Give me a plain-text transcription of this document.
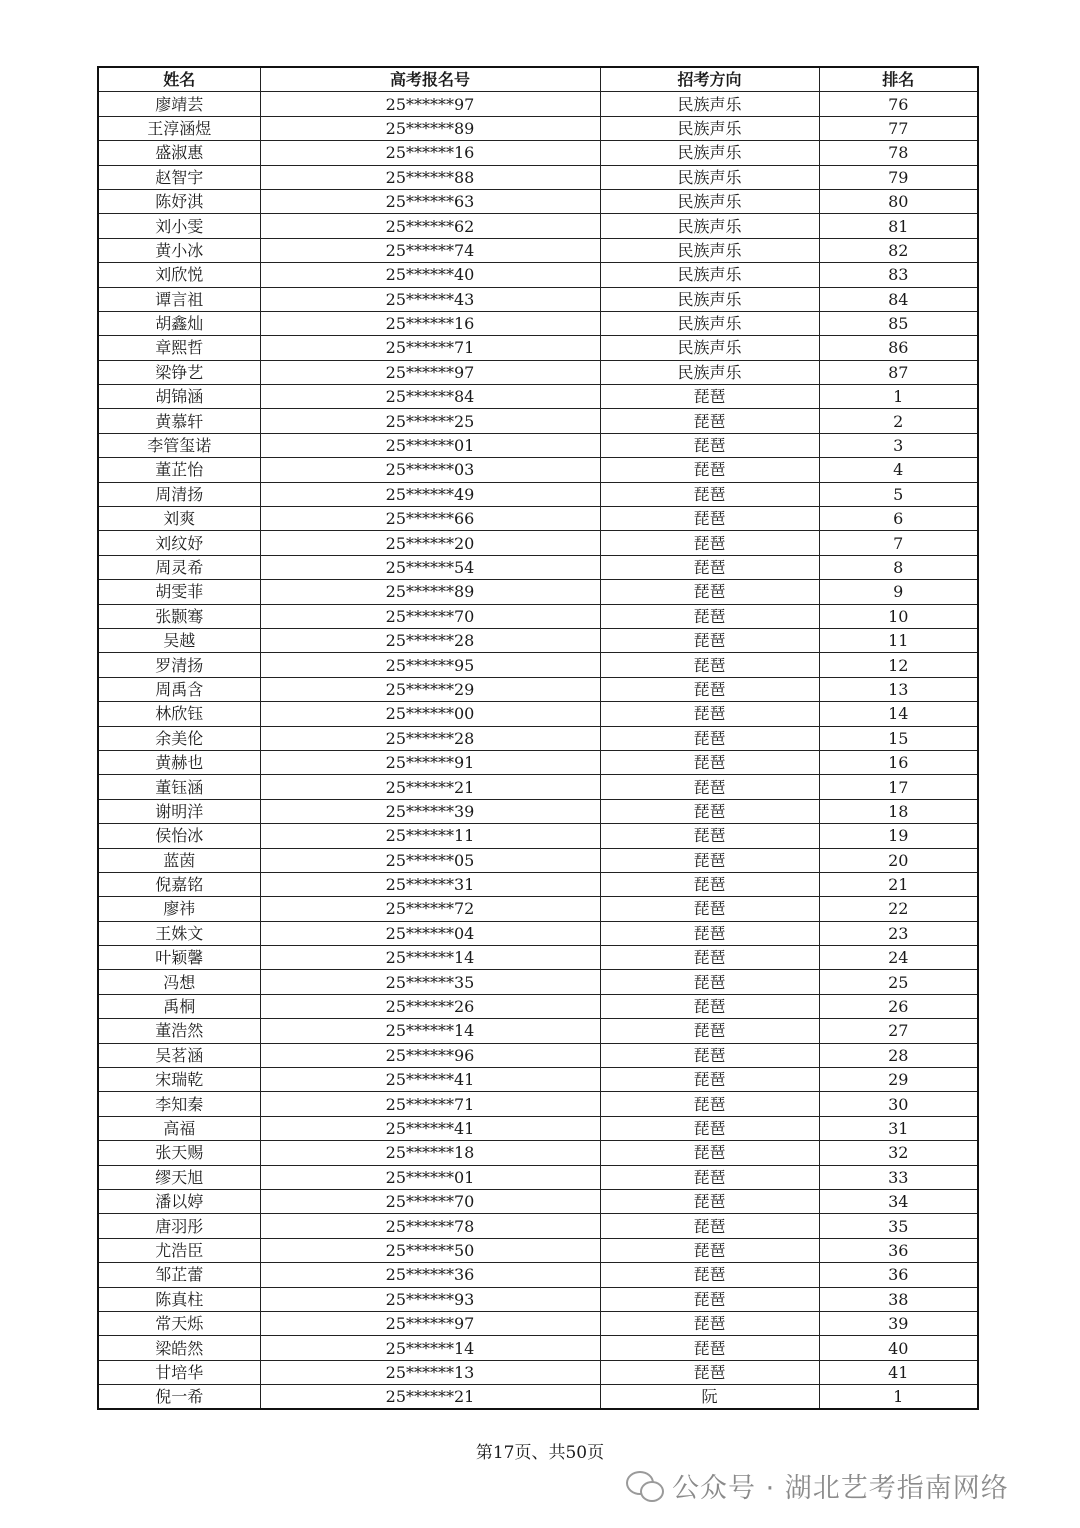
姓名	高考报名号	招考方向	排名
廖靖芸	25******97	民族声乐	76
王淳涵煜	25******89	民族声乐	77
盛淑惠	25******16	民族声乐	78
赵智宇	25******88	民族声乐	79
陈妤淇	25******63	民族声乐	80
刘小雯	25******62	民族声乐	81
黄小冰	25******74	民族声乐	82
刘欣悦	25******40	民族声乐	83
谭言祖	25******43	民族声乐	84
胡鑫灿	25******16	民族声乐	85
章熙哲	25******71	民族声乐	86
梁铮艺	25******97	民族声乐	87
胡锦涵	25******84	琵琶	1
黄慕轩	25******25	琵琶	2
李管玺诺	25******01	琵琶	3
董芷怡	25******03	琵琶	4
周清扬	25******49	琵琶	5
刘爽	25******66	琵琶	6
刘纹妤	25******20	琵琶	7
周灵希	25******54	琵琶	8
胡雯菲	25******89	琵琶	9
张颢骞	25******70	琵琶	10
吴越	25******28	琵琶	11
罗清扬	25******95	琵琶	12
周禹含	25******29	琵琶	13
林欣钰	25******00	琵琶	14
余美伦	25******28	琵琶	15
黄赫也	25******91	琵琶	16
董钰涵	25******21	琵琶	17
谢明洋	25******39	琵琶	18
侯怡冰	25******11	琵琶	19
蓝茵	25******05	琵琶	20
倪嘉铭	25******31	琵琶	21
廖祎	25******72	琵琶	22
王姝文	25******04	琵琶	23
叶颖馨	25******14	琵琶	24
冯想	25******35	琵琶	25
禹桐	25******26	琵琶	26
董浩然	25******14	琵琶	27
吴茗涵	25******96	琵琶	28
宋瑞乾	25******41	琵琶	29
李知秦	25******71	琵琶	30
高福	25******41	琵琶	31
张天赐	25******18	琵琶	32
缪天旭	25******01	琵琶	33
潘以婷	25******70	琵琶	34
唐羽彤	25******78	琵琶	35
尤浩臣	25******50	琵琶	36
邹芷蕾	25******36	琵琶	36
陈真柱	25******93	琵琶	38
常天烁	25******97	琵琶	39
梁皓然	25******14	琵琶	40
甘培华	25******13	琵琶	41
倪一希	25******21	阮	1
第17页、共50页
公众号 · 湖北艺考指南网络
